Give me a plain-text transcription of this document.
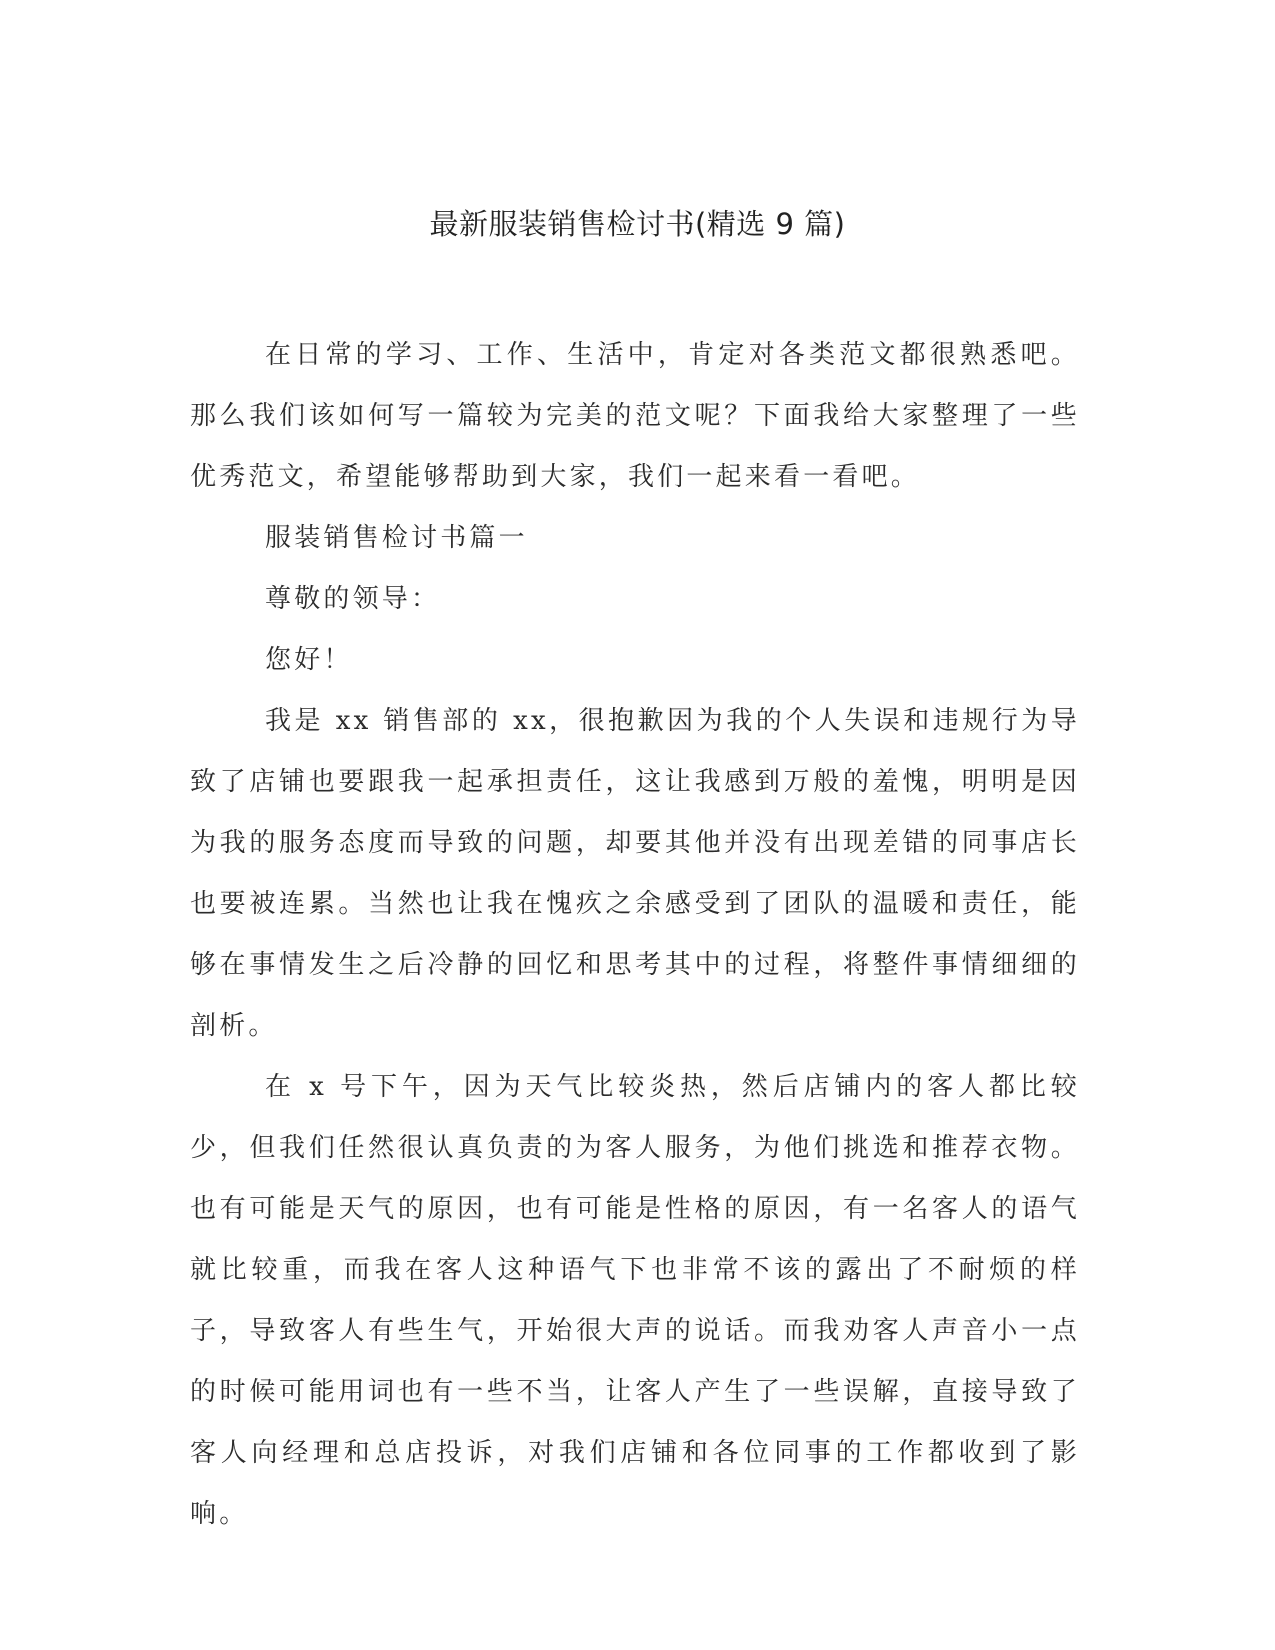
最新服装销售检讨书(精选 9 篇)

在日常的学习、工作、生活中，肯定对各类范文都很熟悉吧。那么我们该如何写一篇较为完美的范文呢？下面我给大家整理了一些优秀范文，希望能够帮助到大家，我们一起来看一看吧。

服装销售检讨书篇一

尊敬的领导：

您好！

我是 xx 销售部的 xx，很抱歉因为我的个人失误和违规行为导致了店铺也要跟我一起承担责任，这让我感到万般的羞愧，明明是因为我的服务态度而导致的问题，却要其他并没有出现差错的同事店长也要被连累。当然也让我在愧疚之余感受到了团队的温暖和责任，能够在事情发生之后冷静的回忆和思考其中的过程，将整件事情细细的剖析。

在 x 号下午，因为天气比较炎热，然后店铺内的客人都比较少，但我们任然很认真负责的为客人服务，为他们挑选和推荐衣物。也有可能是天气的原因，也有可能是性格的原因，有一名客人的语气就比较重，而我在客人这种语气下也非常不该的露出了不耐烦的样子，导致客人有些生气，开始很大声的说话。而我劝客人声音小一点的时候可能用词也有一些不当，让客人产生了一些误解，直接导致了客人向经理和总店投诉，对我们店铺和各位同事的工作都收到了影响。
